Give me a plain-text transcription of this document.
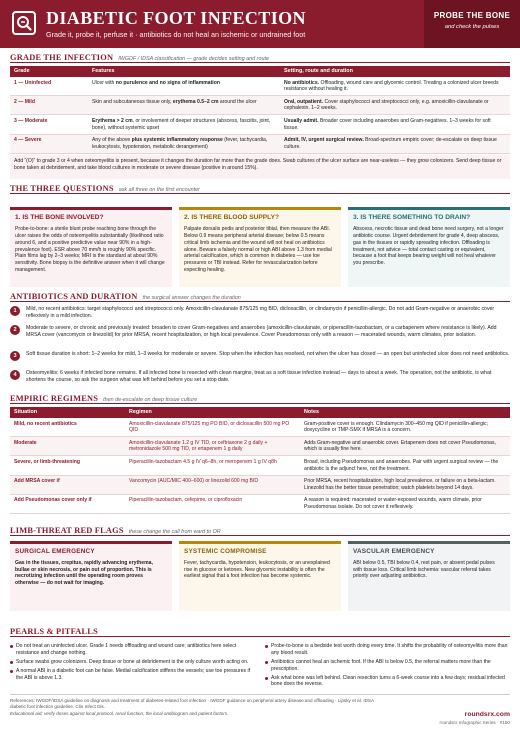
DIABETIC FOOT INFECTION
Grade it, probe it, perfuse it · antibiotics do not heal an ischemic or undrained foot
PROBE THE BONE
and check the pulses
GRADE THE INFECTION IWGDF / IDSA classification — grade decides setting and route
Grade	Features	Setting, route and duration
1 — Uninfected	Ulcer with no purulence and no signs of inflammation	No antibiotics. Offloading, wound care and glycemic control. Treating a colonized ulcer breeds resistance without healing it.
2 — Mild	Skin and subcutaneous tissue only, erythema 0.5–2 cm around the ulcer	Oral, outpatient. Cover staphylococci and streptococci only, e.g. amoxicillin-clavulanate or cephalexin. 1–2 weeks.
3 — Moderate	Erythema > 2 cm, or involvement of deeper structures (abscess, fasciitis, joint, bone), without systemic upset	Usually admit. Broader cover including anaerobes and Gram-negatives. 1–3 weeks for soft tissue.
4 — Severe	Any of the above plus systemic inflammatory response (fever, tachycardia, leukocytosis, hypotension, metabolic derangement)	Admit, IV, urgent surgical review. Broad-spectrum empiric cover; de-escalate on deep tissue culture.
Add “(O)” to grade 3 or 4 when osteomyelitis is present, because it changes the duration far more than the grade does. Swab cultures of the ulcer surface are near-useless — they grow colonizers. Send deep tissue or bone taken at debridement, and take blood cultures in moderate or severe disease (positive in around 15%).
THE THREE QUESTIONS ask all three on the first encounter
1. IS THE BONE INVOLVED?
Probe-to-bone: a sterile blunt probe reaching bone through the ulcer raises the odds of osteomyelitis substantially (likelihood ratio around 6, and a positive predictive value near 90% in a high-prevalence foot). ESR above 70 mm/h is roughly 90% specific. Plain films lag by 2–3 weeks; MRI is the standard at about 90% sensitivity. Bone biopsy is the definitive answer when it will change management.
2. IS THERE BLOOD SUPPLY?
Palpate dorsalis pedis and posterior tibial, then measure the ABI. Below 0.9 means peripheral arterial disease; below 0.5 means critical limb ischemia and the wound will not heal on antibiotics alone. Beware a falsely normal or high ABI above 1.3 from medial arterial calcification, which is common in diabetes — use toe pressures or TBI instead. Refer for revascularization before expecting healing.
3. IS THERE SOMETHING TO DRAIN?
Abscess, necrotic tissue and dead bone need surgery, not a longer antibiotic course. Urgent debridement for grade 4, deep abscess, gas in the tissues or rapidly spreading infection. Offloading is treatment, not advice — total contact casting or equivalent, because a foot that keeps bearing weight will not heal whatever you prescribe.
ANTIBIOTICS AND DURATION the surgical answer changes the duration
1	Mild, no recent antibiotics: target staphylococci and streptococci only. Amoxicillin-clavulanate 875/125 mg BID, dicloxacillin, or clindamycin if penicillin-allergic. Do not add Gram-negative or anaerobic cover reflexively in a mild infection.
2	Moderate to severe, or chronic and previously treated: broaden to cover Gram-negatives and anaerobes (amoxicillin-clavulanate, or piperacillin-tazobactam, or a carbapenem where resistance is likely). Add MRSA cover (vancomycin or linezolid) for prior MRSA, recent hospitalization, or high local prevalence. Cover Pseudomonas only with a reason — macerated wounds, warm climates, prior isolation.
3	Soft tissue duration is short: 1–2 weeks for mild, 1–3 weeks for moderate or severe. Stop when the infection has resolved, not when the ulcer has closed — an open but uninfected ulcer does not need antibiotics.
4	Osteomyelitis: 6 weeks if infected bone remains. If all infected bone is resected with clean margins, treat as a soft tissue infection instead — days to about a week. The operation, not the antibiotic, is what shortens the course, so ask the surgeon what was left behind before you set a stop date.
EMPIRIC REGIMENS then de-escalate on deep tissue culture
Situation	Regimen	Notes
Mild, no recent antibiotics	Amoxicillin-clavulanate 875/125 mg PO BID, or dicloxacillin 500 mg PO QID	Gram-positive cover is enough. Clindamycin 300–450 mg QID if penicillin-allergic; doxycycline or TMP-SMX if MRSA is a concern.
Moderate	Amoxicillin-clavulanate 1.2 g IV TID, or ceftriaxone 2 g daily + metronidazole 500 mg TID, or ertapenem 1 g daily	Adds Gram-negative and anaerobic cover. Ertapenem does not cover Pseudomonas, which is usually fine here.
Severe, or limb-threatening	Piperacillin-tazobactam 4.5 g IV q6–8h, or meropenem 1 g IV q8h	Broad, including Pseudomonas and anaerobes. Pair with urgent surgical review — the antibiotic is the adjunct here, not the treatment.
Add MRSA cover if	Vancomycin (AUC/MIC 400–600) or linezolid 600 mg BID	Prior MRSA, recent hospitalization, high local prevalence, or failure on a beta-lactam. Linezolid has the better tissue penetration; watch platelets beyond 14 days.
Add Pseudomonas cover only if	Piperacillin-tazobactam, cefepime, or ciprofloxacin	A reason is required: macerated or water-exposed wounds, warm climate, prior Pseudomonas isolate. Do not cover it reflexively.
LIMB-THREAT RED FLAGS these change the call from ward to OR
SURGICAL EMERGENCY
Gas in the tissues, crepitus, rapidly advancing erythema, bullae or skin necrosis, or pain out of proportion. This is necrotizing infection until the operating room proves otherwise — do not wait for imaging.
SYSTEMIC COMPROMISE
Fever, tachycardia, hypotension, leukocytosis, or an unexplained rise in glucose or ketones. New glycemic instability is often the earliest signal that a foot infection has become systemic.
VASCULAR EMERGENCY
ABI below 0.5, TBI below 0.4, rest pain, or absent pedal pulses with tissue loss. Critical limb ischemia: vascular referral takes priority over adjusting antibiotics.
PEARLS & PITFALLS
Do not treat an uninfected ulcer. Grade 1 needs offloading and wound care; antibiotics here select resistance and change nothing.
Surface swabs grow colonizers. Deep tissue or bone at debridement is the only culture worth acting on.
A normal ABI in a diabetic foot can be false. Medial calcification stiffens the vessels; use toe pressures if the ABI is above 1.3.
Probe-to-bone is a bedside test worth doing every time. It shifts the probability of osteomyelitis more than any blood result.
Antibiotics cannot heal an ischemic foot. If the ABI is below 0.5, the referral matters more than the prescription.
Ask what bone was left behind. Clean resection turns a 6-week course into a few days; residual infected bone does the reverse.
References: IWGDF/IDSA guideline on diagnosis and treatment of diabetes-related foot infection · IWGDF guidance on peripheral artery disease and offloading · Lipsky et al. IDSA diabetic foot infection guideline, Clin Infect Dis.
Educational aid; verify doses against local protocol, renal function, the local antibiogram and patient factors.	roundsrx.com
roundsrx Infographic Series · #150
